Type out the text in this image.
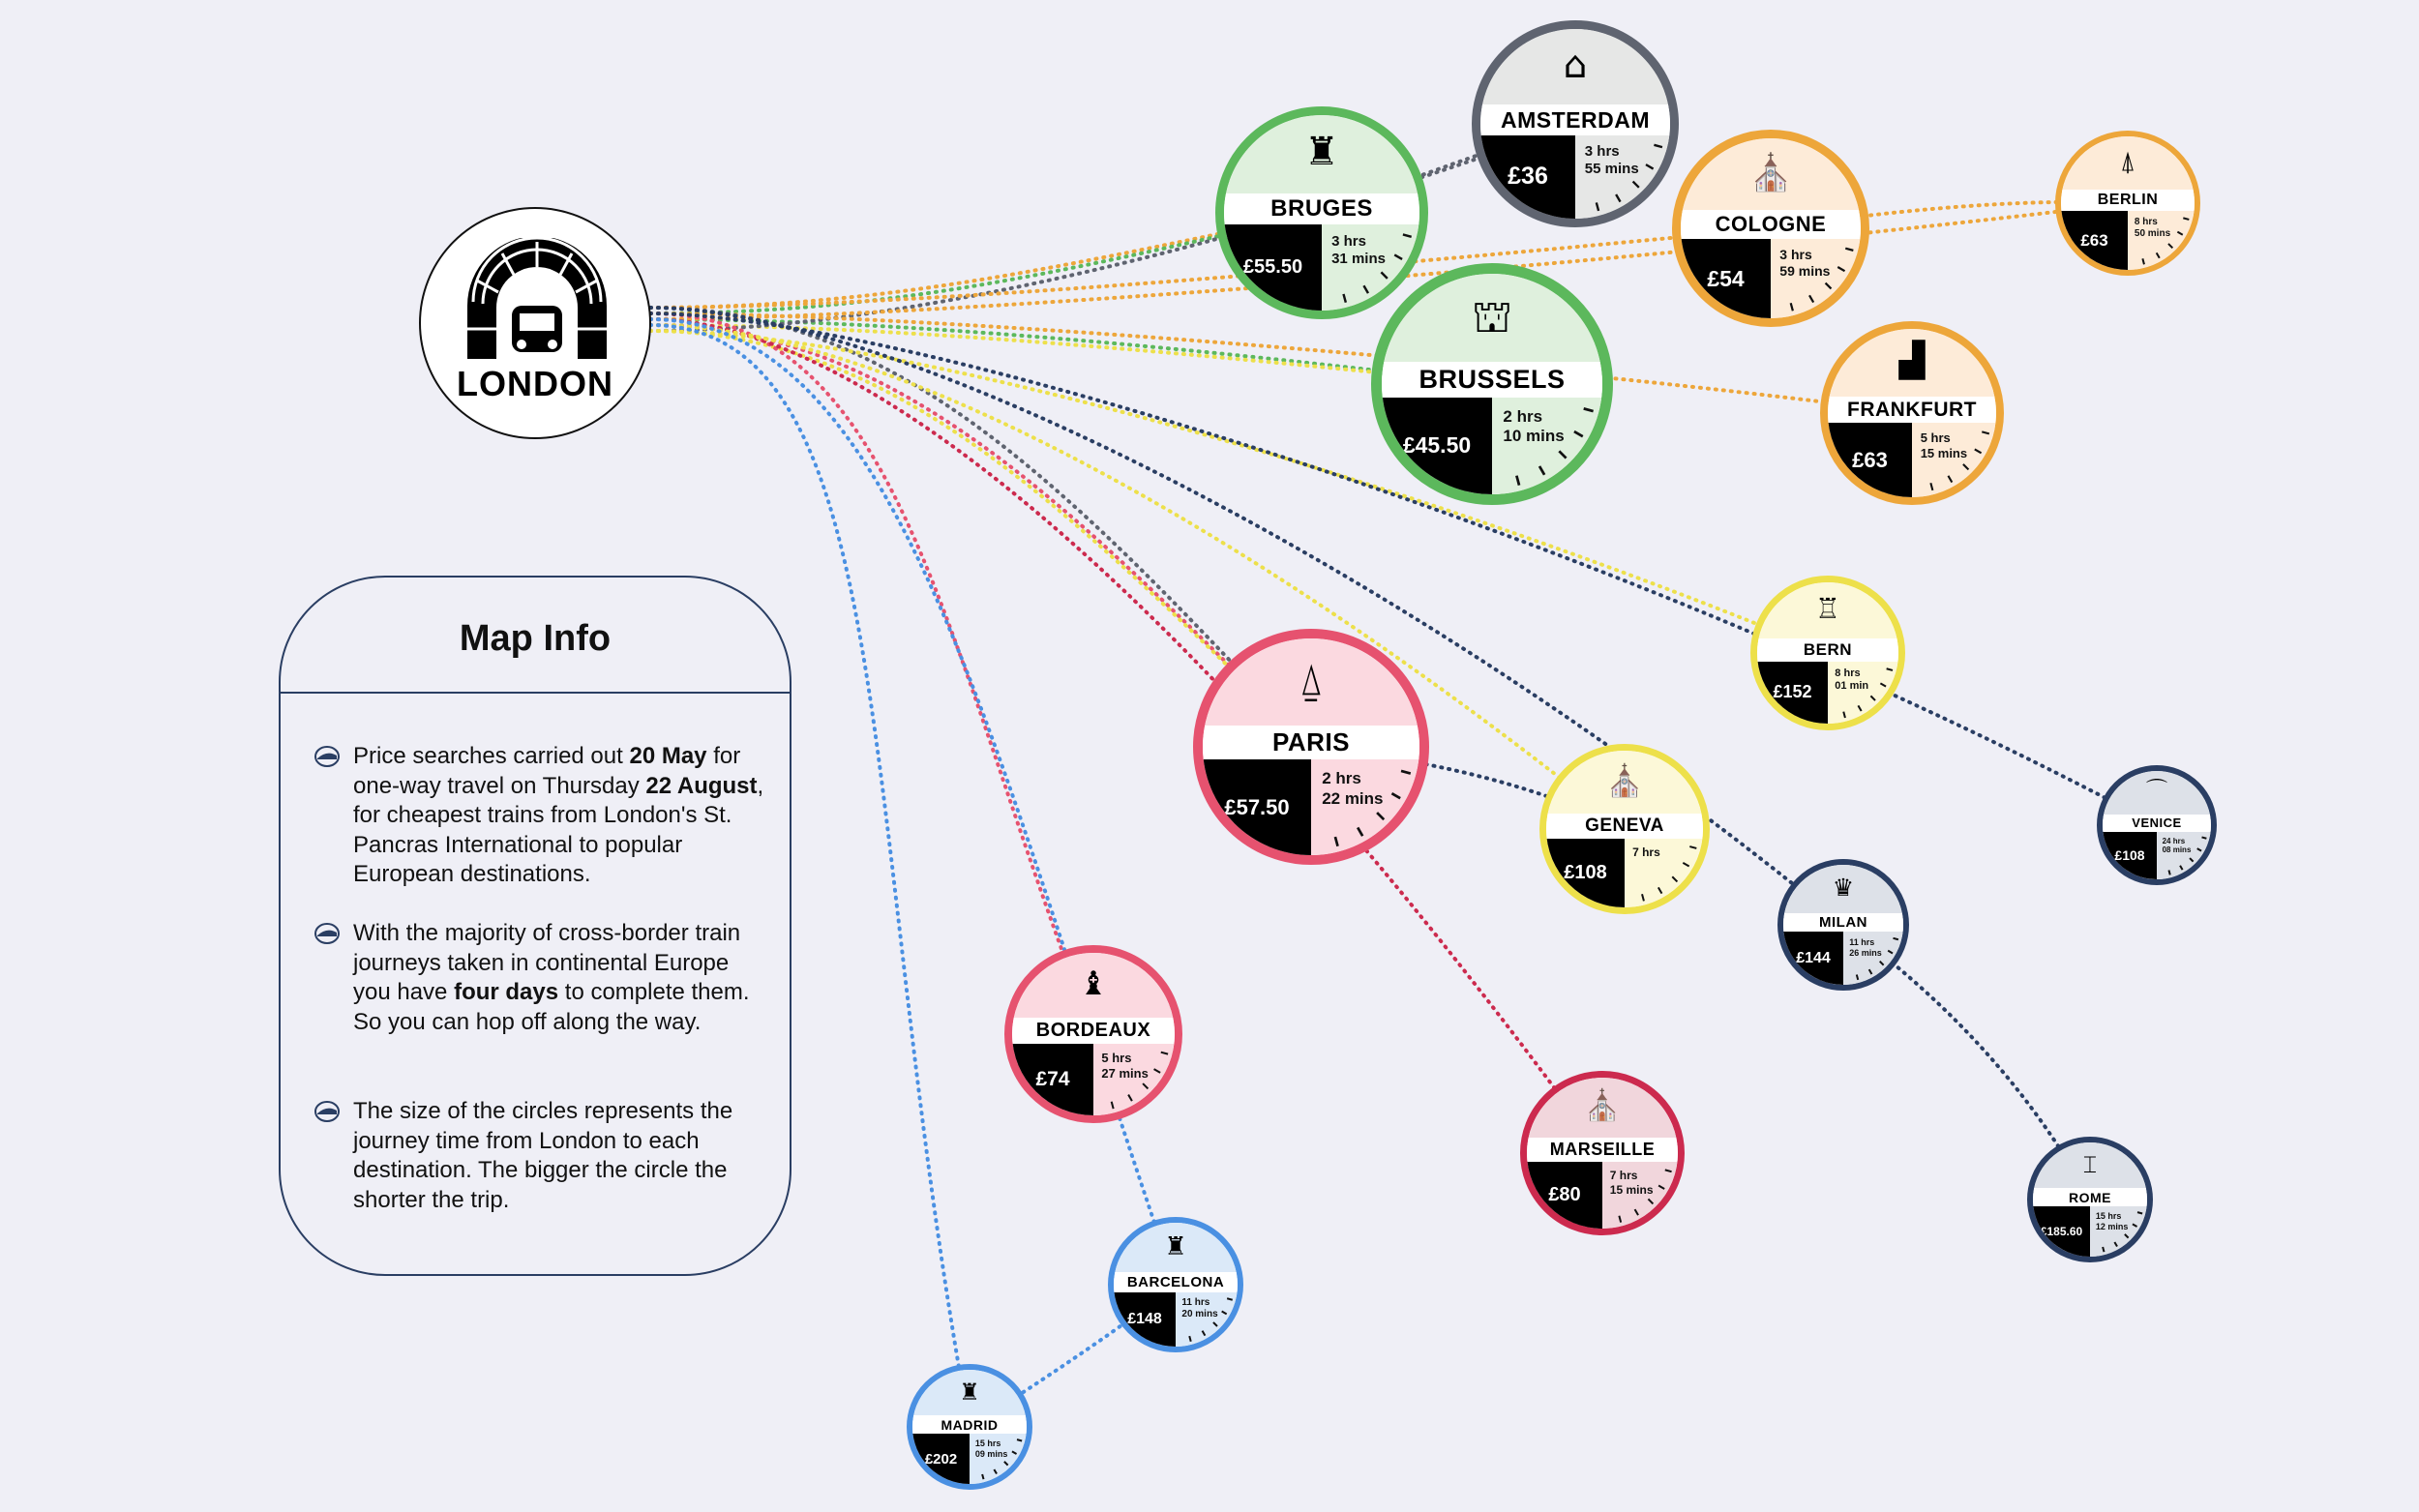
LONDON
Map Info
Price searches carried out 20 May for one-way travel on Thursday 22 August, for cheapest trains from London's St. Pancras International to popular European destinations.
With the majority of cross-border train journeys taken in continental Europe you have four days to complete them. So you can hop off along the way.
The size of the circles represents the journey time from London to each destination. The bigger the circle the shorter the trip.
⌂
AMSTERDAM
£36
3 hrs
55 mins
♜
BRUGES
£55.50
3 hrs
31 mins
⛪
COLOGNE
£54
3 hrs
59 mins
⍋
BERLIN
£63
8 hrs
50 mins
⛫
BRUSSELS
£45.50
2 hrs
10 mins
▟
FRANKFURT
£63
5 hrs
15 mins
♖
BERN
£152
8 hrs
01 min
⍙
PARIS
£57.50
2 hrs
22 mins	⛪
GENEVA
£108
7 hrs
⌒
VENICE
£108
24 hrs
08 mins
♛
MILAN
£144
11 hrs
26 mins
♝
BORDEAUX
£74
5 hrs
27 mins
⛪
MARSEILLE
£80
7 hrs
15 mins
⌶
ROME
£185.60
15 hrs
12 mins
♜
BARCELONA
£148
11 hrs
20 mins
♜
MADRID
£202
15 hrs
09 mins
